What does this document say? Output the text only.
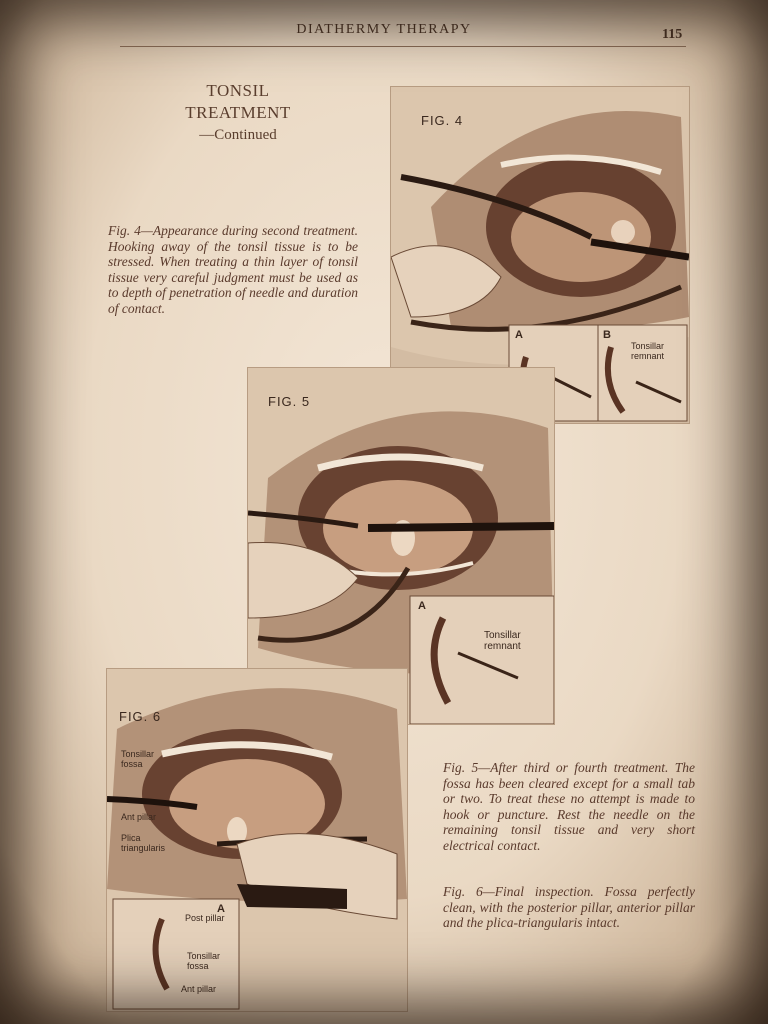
DIATHERMY THERAPY	115
TONSIL
TREATMENT
—Continued
Fig. 4—Appearance during second treatment. Hooking away of the tonsil tissue is to be stressed. When treating a thin layer of tonsil tissue very careful judgment must be used as to depth of penetration of needle and duration of contact.
FIG. 4
A	B
Tonsillar remnant
FIG. 5
A
Tonsillar remnant
FIG. 6
Tonsillar fossa
Ant pillar
Plica triangularis
A
Post pillar
Tonsillar fossa
Ant pillar
Fig. 5—After third or fourth treatment. The fossa has been cleared except for a small tab or two. To treat these no attempt is made to hook or puncture. Rest the needle on the remaining tonsil tissue and very short electrical contact.
Fig. 6—Final inspection. Fossa perfectly clean, with the posterior pillar, anterior pillar and the plica-triangularis intact.
